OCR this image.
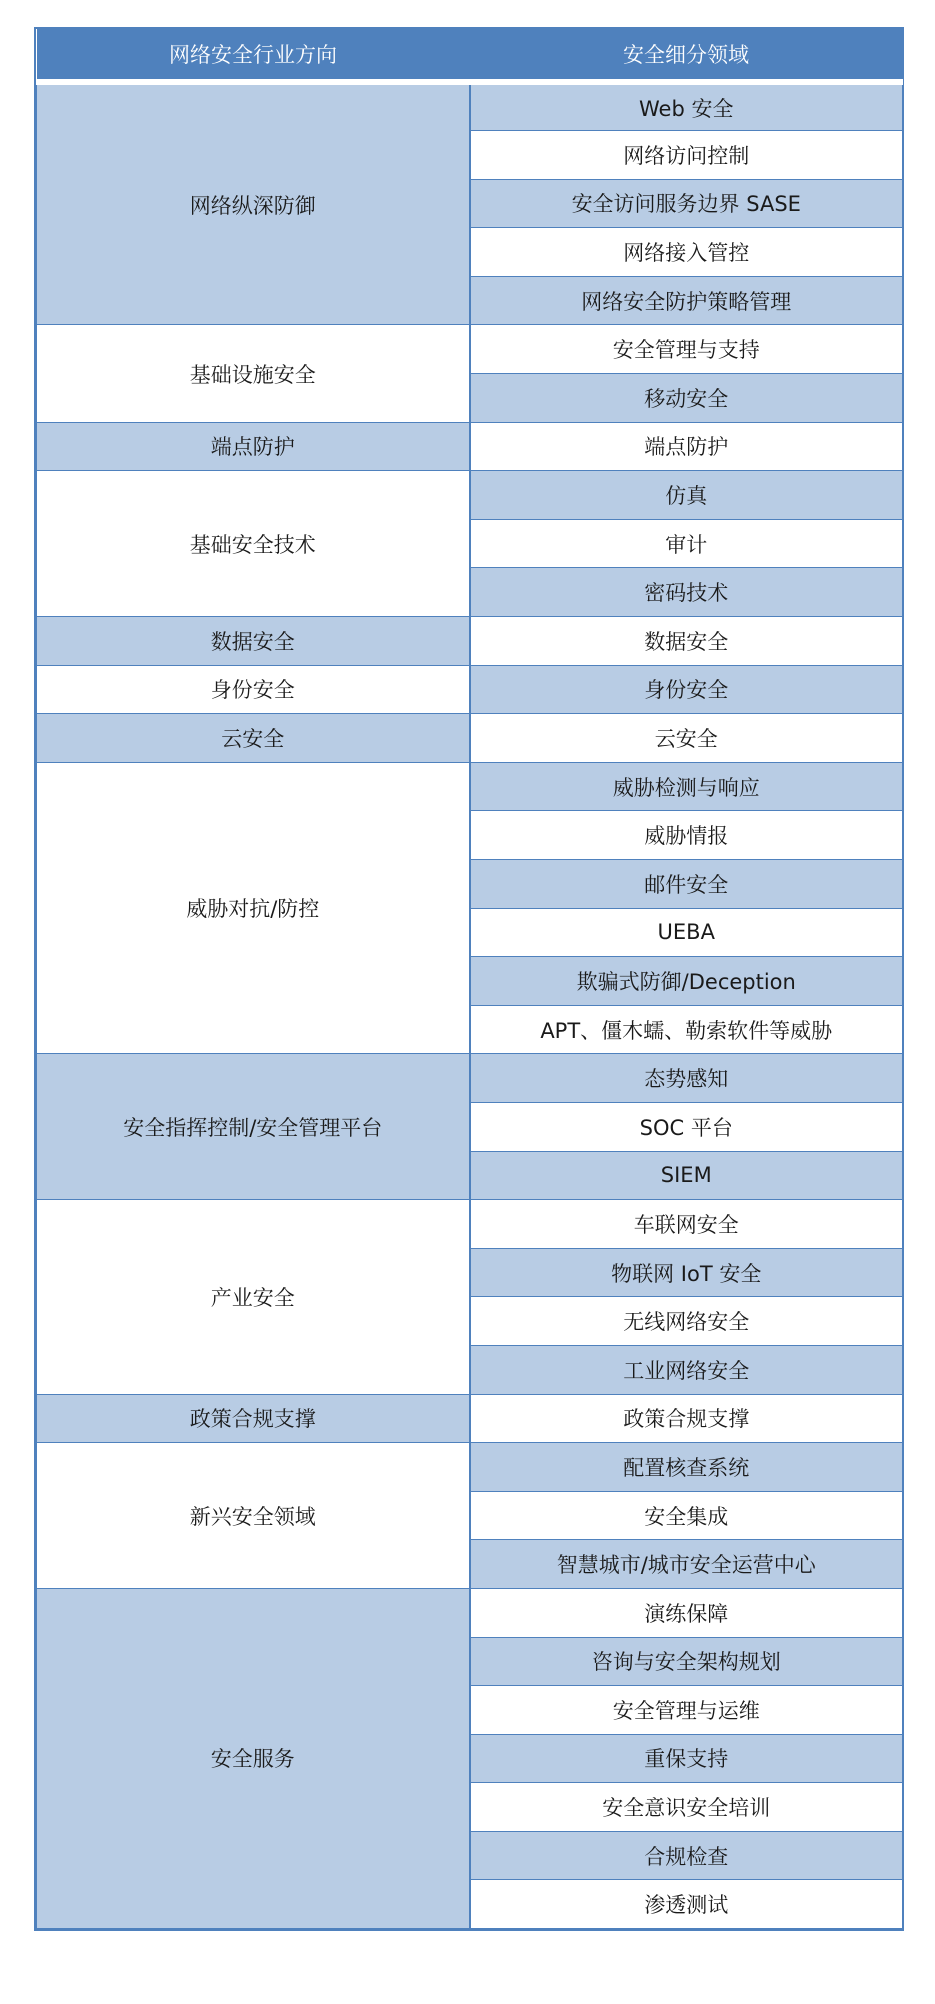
网络安全行业方向	安全细分领域
网络纵深防御	Web 安全
	网络访问控制
	安全访问服务边界 SASE
	网络接入管控
	网络安全防护策略管理
基础设施安全	安全管理与支持
	移动安全
端点防护	端点防护
基础安全技术	仿真
	审计
	密码技术
数据安全	数据安全
身份安全	身份安全
云安全	云安全
威胁对抗/防控	威胁检测与响应
	威胁情报
	邮件安全
	UEBA
	欺骗式防御/Deception
	APT、僵木蠕、勒索软件等威胁
安全指挥控制/安全管理平台	态势感知
	SOC 平台
	SIEM
产业安全	车联网安全
	物联网 IoT 安全
	无线网络安全
	工业网络安全
政策合规支撑	政策合规支撑
新兴安全领域	配置核查系统
	安全集成
	智慧城市/城市安全运营中心
安全服务	演练保障
	咨询与安全架构规划
	安全管理与运维
	重保支持
	安全意识安全培训
	合规检查
	渗透测试
